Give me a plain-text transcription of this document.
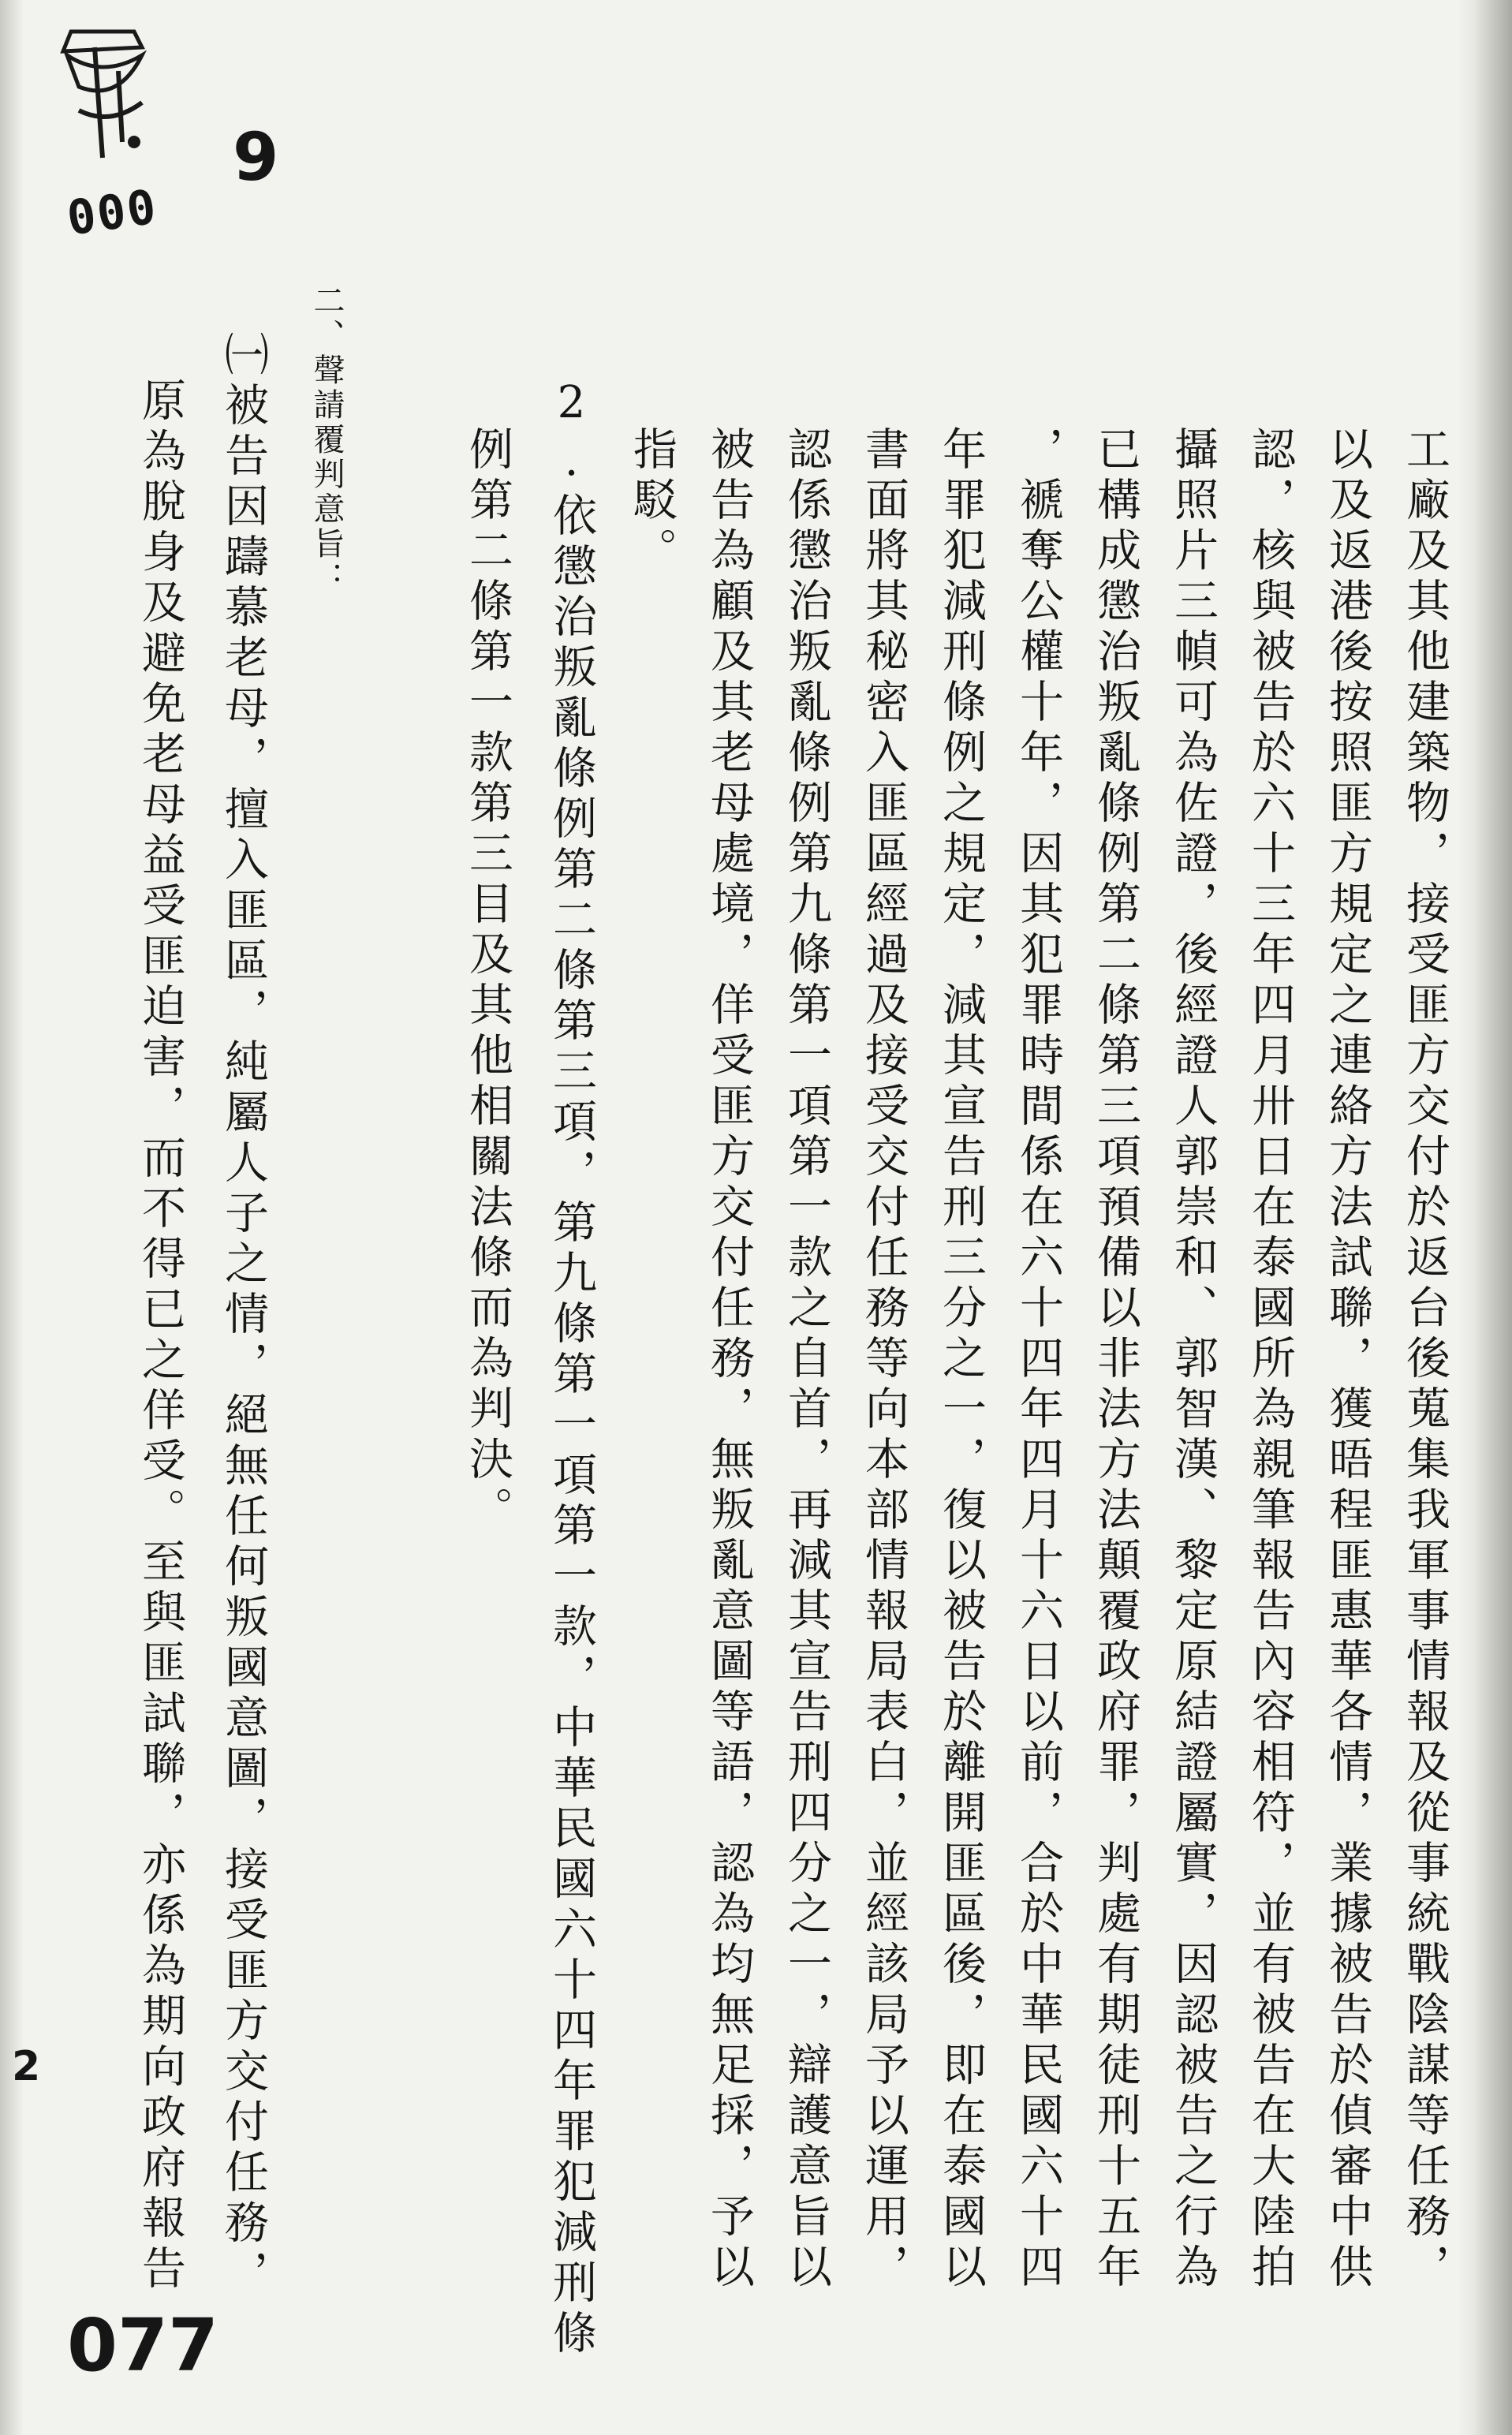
9
000
2
077
工廠及其他建築物，接受匪方交付於返台後蒐集我軍事情報及從事統戰陰謀等任務，
以及返港後按照匪方規定之連絡方法試聯，獲晤程匪惠華各情，業據被告於偵審中供
認，核與被告於六十三年四月卅日在泰國所為親筆報告內容相符，並有被告在大陸拍
攝照片三幀可為佐證，後經證人郭崇和、郭智漢、黎定原結證屬實，因認被告之行為
已構成懲治叛亂條例第二條第三項預備以非法方法顛覆政府罪，判處有期徒刑十五年
，褫奪公權十年，因其犯罪時間係在六十四年四月十六日以前，合於中華民國六十四
年罪犯減刑條例之規定，減其宣告刑三分之一，復以被告於離開匪區後，即在泰國以
書面將其秘密入匪區經過及接受交付任務等向本部情報局表白，並經該局予以運用，
認係懲治叛亂條例第九條第一項第一款之自首，再減其宣告刑四分之一，辯護意旨以
被告為顧及其老母處境，佯受匪方交付任務，無叛亂意圖等語，認為均無足採，予以
指駁。
2.依懲治叛亂條例第二條第三項，第九條第一項第一款，中華民國六十四年罪犯減刑條
例第二條第一款第三目及其他相關法條而為判決。
二、聲請覆判意旨：
㈠被告因躊慕老母，擅入匪區，純屬人子之情，絕無任何叛國意圖，接受匪方交付任務，
原為脫身及避免老母益受匪迫害，而不得已之佯受。至與匪試聯，亦係為期向政府報告
